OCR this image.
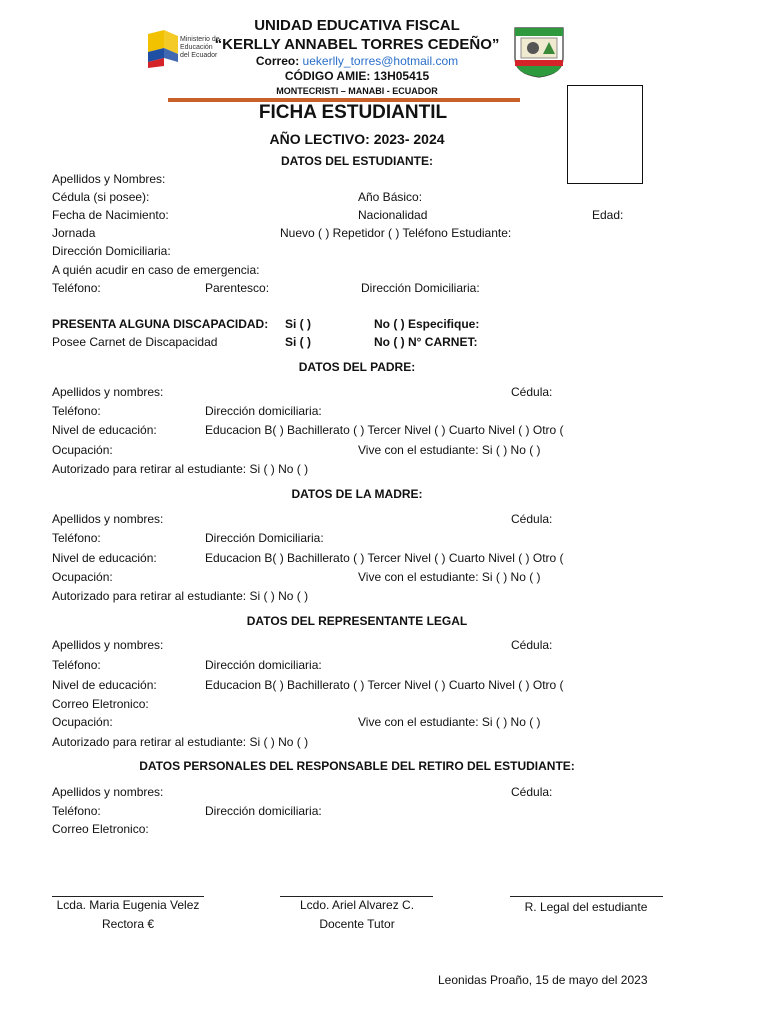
Ministerio de
Educación
del Ecuador
UNIDAD EDUCATIVA FISCAL
“KERLLY ANNABEL TORRES CEDEÑO”
Correo: uekerlly_torres@hotmail.com
CÓDIGO AMIE: 13H05415
MONTECRISTI – MANABI - ECUADOR
FICHA ESTUDIANTIL
AÑO LECTIVO: 2023- 2024
DATOS DEL ESTUDIANTE:
Apellidos y Nombres:
Cédula (si posee):	Año Básico:
Fecha de Nacimiento:	Nacionalidad	Edad:
Jornada	Nuevo ( ) Repetidor ( ) Teléfono Estudiante:
Dirección Domiciliaria:
A quién acudir en caso de emergencia:
Teléfono:	Parentesco:	Dirección Domiciliaria:
PRESENTA ALGUNA DISCAPACIDAD: Si ( )	No ( ) Especifique:
Posee Carnet de Discapacidad	Si ( )	No ( ) N° CARNET:
DATOS DEL PADRE:
Apellidos y nombres:	Cédula:
Teléfono:	Dirección domiciliaria:
Nivel de educación:	Educacion B( ) Bachillerato ( ) Tercer Nivel ( ) Cuarto Nivel ( ) Otro (
Ocupación:	Vive con el estudiante: Si ( ) No ( )
Autorizado para retirar al estudiante: Si ( ) No ( )
DATOS DE LA MADRE:
Apellidos y nombres:	Cédula:
Teléfono:	Dirección Domiciliaria:
Nivel de educación:	Educacion B( ) Bachillerato ( ) Tercer Nivel ( ) Cuarto Nivel ( ) Otro (
Ocupación:	Vive con el estudiante: Si ( ) No ( )
Autorizado para retirar al estudiante: Si ( ) No ( )
DATOS DEL REPRESENTANTE LEGAL
Apellidos y nombres:	Cédula:
Teléfono:	Dirección domiciliaria:
Nivel de educación:	Educacion B( ) Bachillerato ( ) Tercer Nivel ( ) Cuarto Nivel ( ) Otro (
Correo Eletronico:
Ocupación:	Vive con el estudiante: Si ( ) No ( )
Autorizado para retirar al estudiante: Si ( ) No ( )
DATOS PERSONALES DEL RESPONSABLE DEL RETIRO DEL ESTUDIANTE:
Apellidos y nombres:	Cédula:
Teléfono:	Dirección domiciliaria:
Correo Eletronico:
Lcda. Maria Eugenia Velez
Rectora €
Lcdo. Ariel Alvarez C.
Docente Tutor
R. Legal del estudiante
Leonidas Proaño, 15 de mayo del 2023
